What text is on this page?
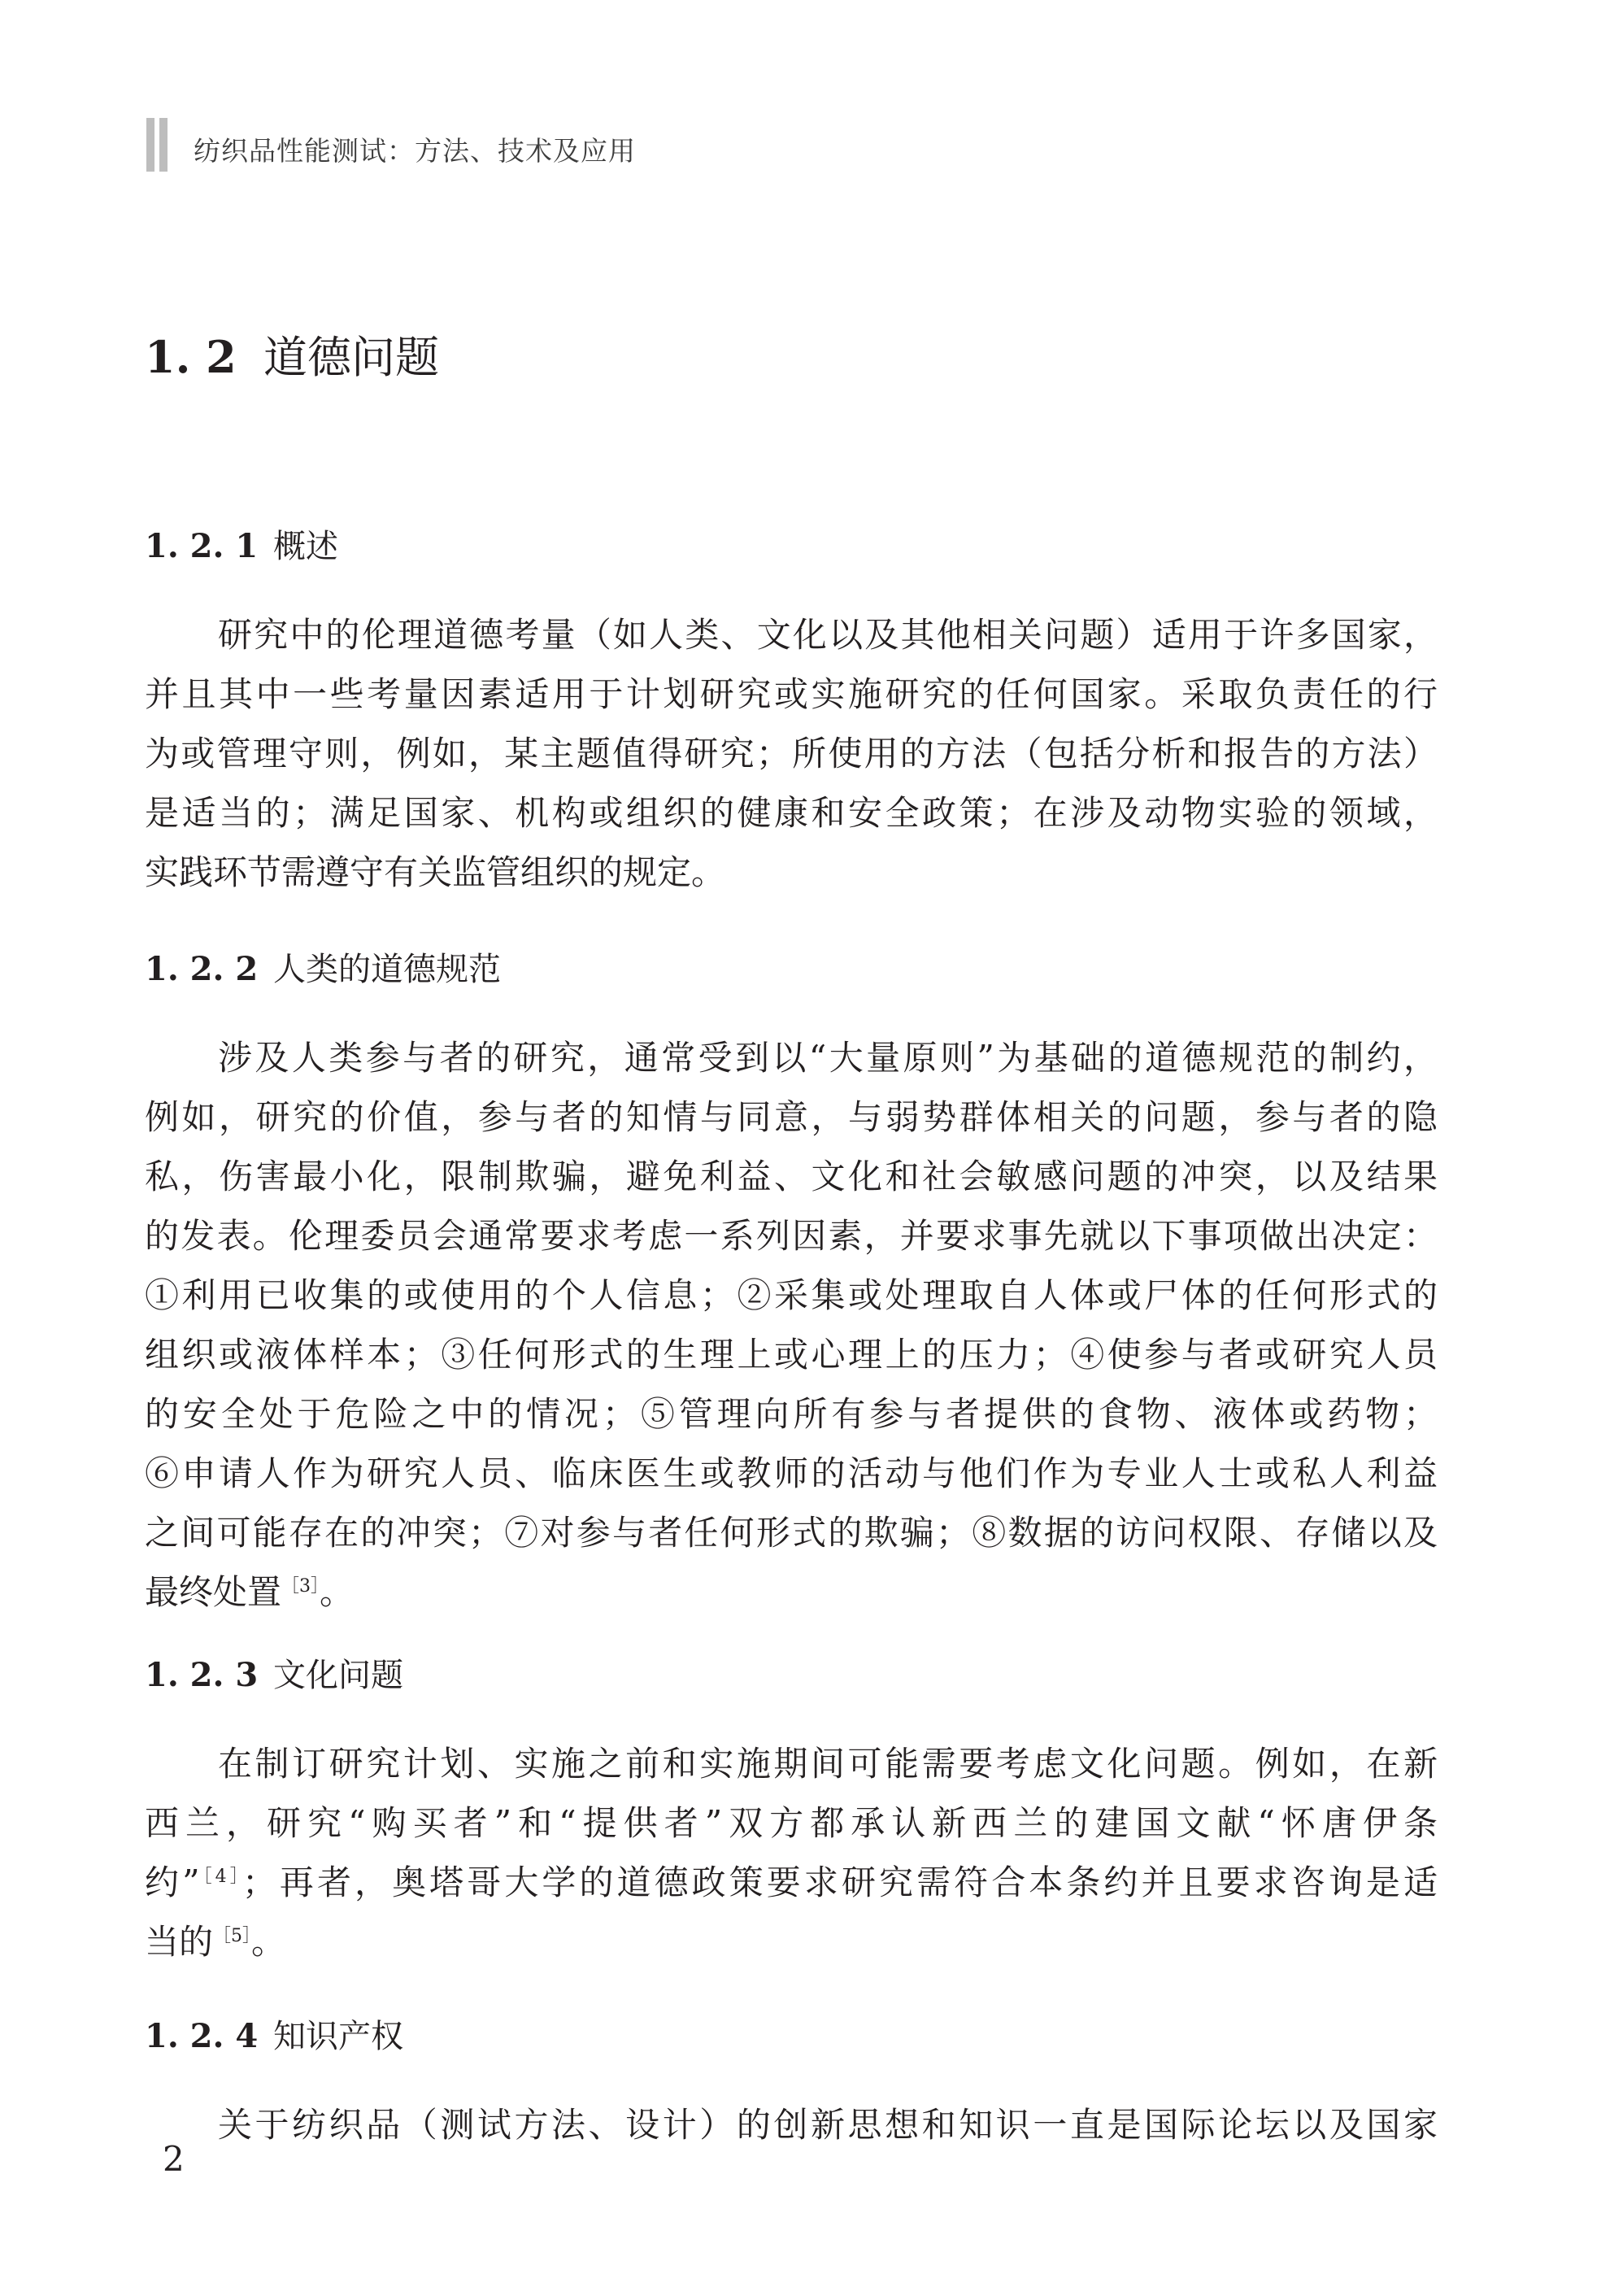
纺织品性能测试：方法、技术及应用
1. 2 道德问题
1. 2. 1 概述
研究中的伦理道德考量（如人类、文化以及其他相关问题）适用于许多国家，
并且其中一些考量因素适用于计划研究或实施研究的任何国家。采取负责任的行
为或管理守则，例如，某主题值得研究；所使用的方法（包括分析和报告的方法）
是适当的；满足国家、机构或组织的健康和安全政策；在涉及动物实验的领域，
实践环节需遵守有关监管组织的规定。
1. 2. 2 人类的道德规范
涉及人类参与者的研究，通常受到以“大量原则”为基础的道德规范的制约，
例如，研究的价值，参与者的知情与同意，与弱势群体相关的问题，参与者的隐
私，伤害最小化，限制欺骗，避免利益、文化和社会敏感问题的冲突，以及结果
的发表。伦理委员会通常要求考虑一系列因素，并要求事先就以下事项做出决定：
①利用已收集的或使用的个人信息；②采集或处理取自人体或尸体的任何形式的
组织或液体样本；③任何形式的生理上或心理上的压力；④使参与者或研究人员
的安全处于危险之中的情况；⑤管理向所有参与者提供的食物、液体或药物；
⑥申请人作为研究人员、临床医生或教师的活动与他们作为专业人士或私人利益
之间可能存在的冲突；⑦对参与者任何形式的欺骗；⑧数据的访问权限、存储以及
最终处置$^{[3]}$。
1. 2. 3 文化问题
在制订研究计划、实施之前和实施期间可能需要考虑文化问题。例如，在新
西兰，研究“购买者”和“提供者”双方都承认新西兰的建国文献“怀唐伊条
约”$^{[4]}$；再者，奥塔哥大学的道德政策要求研究需符合本条约并且要求咨询是适
当的$^{[5]}$。
1. 2. 4 知识产权
关于纺织品（测试方法、设计）的创新思想和知识一直是国际论坛以及国家
2
